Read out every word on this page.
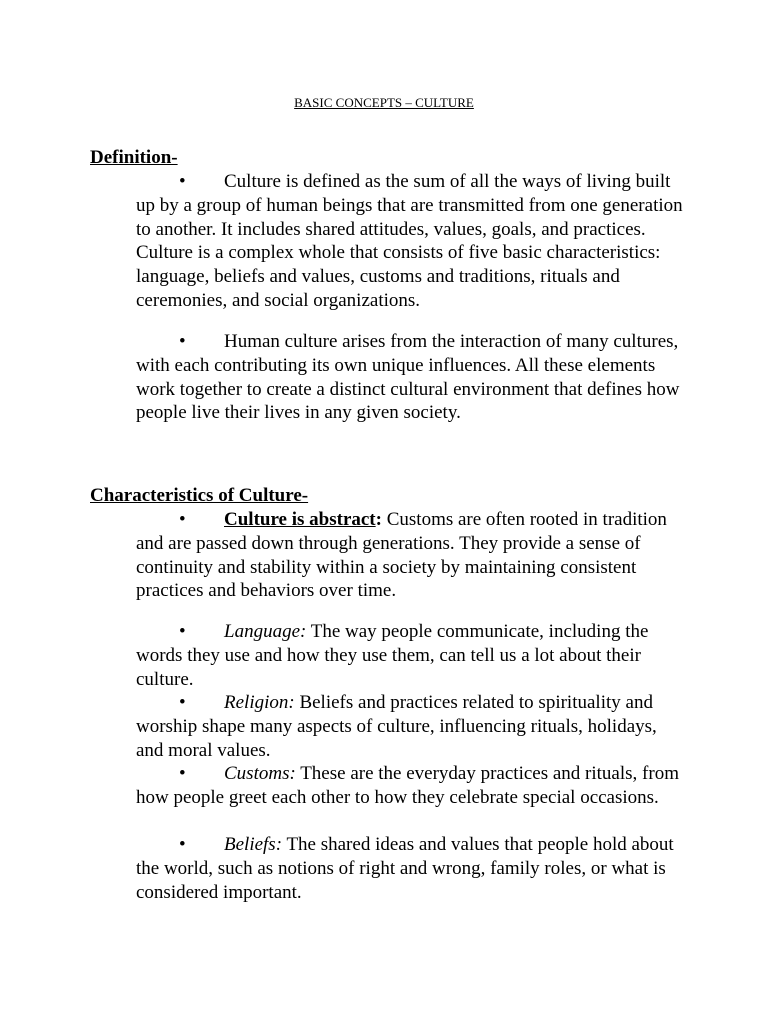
BASIC CONCEPTS – CULTURE
Definition-

• Culture is defined as the sum of all the ways of living built up by a group of human beings that are transmitted from one generation to another. It includes shared attitudes, values, goals, and practices. Culture is a complex whole that consists of five basic characteristics: language, beliefs and values, customs and traditions, rituals and ceremonies, and social organizations.

• Human culture arises from the interaction of many cultures, with each contributing its own unique influences. All these elements work together to create a distinct cultural environment that defines how people live their lives in any given society.

Characteristics of Culture-

• Culture is abstract: Customs are often rooted in tradition and are passed down through generations. They provide a sense of continuity and stability within a society by maintaining consistent practices and behaviors over time.

• Language: The way people communicate, including the words they use and how they use them, can tell us a lot about their culture.

• Religion: Beliefs and practices related to spirituality and worship shape many aspects of culture, influencing rituals, holidays, and moral values.

• Customs: These are the everyday practices and rituals, from how people greet each other to how they celebrate special occasions.

• Beliefs: The shared ideas and values that people hold about the world, such as notions of right and wrong, family roles, or what is considered important.
